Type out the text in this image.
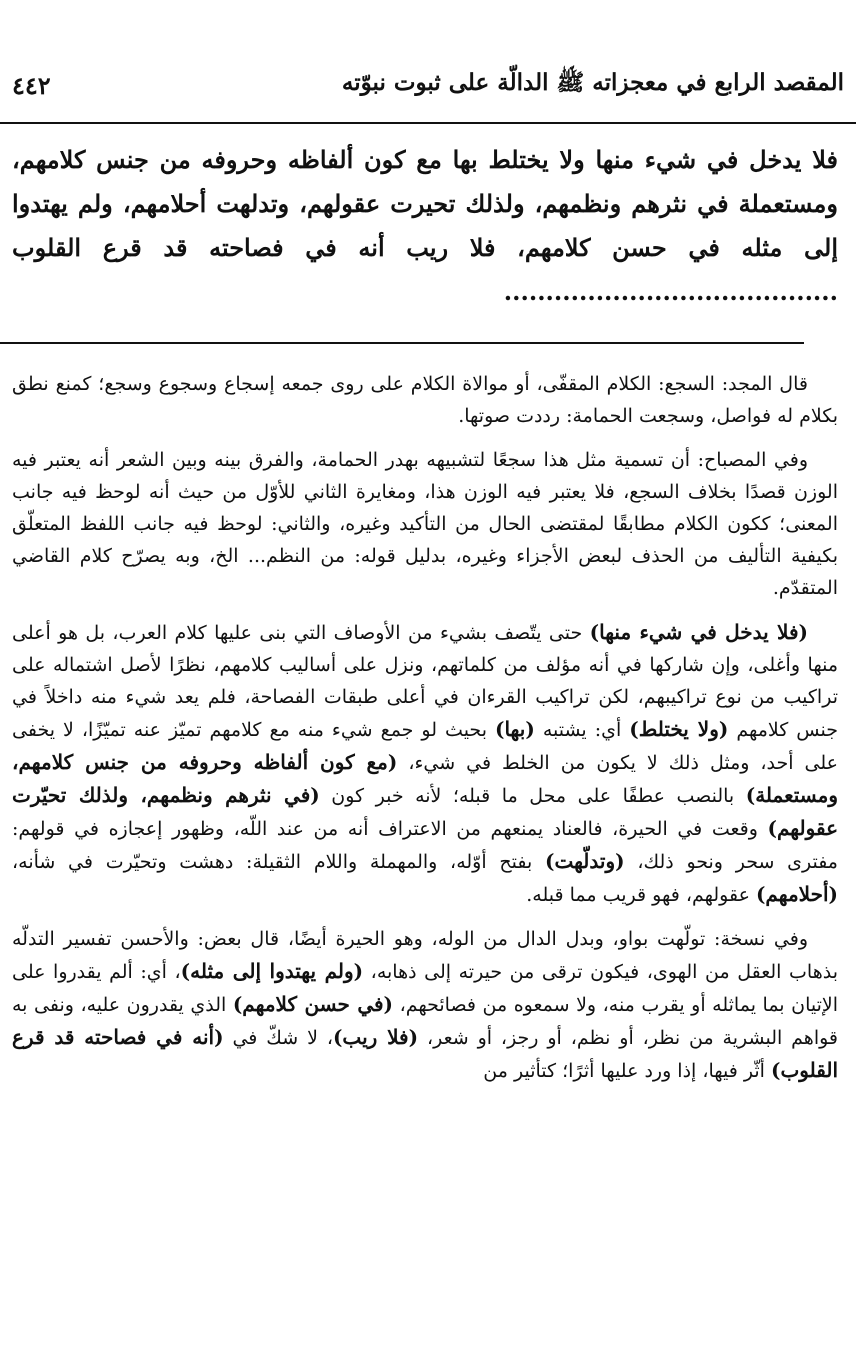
المقصد الرابع في معجزاته ﷺ الدالّة على ثبوت نبوّته
٤٤٢

فلا يدخل في شيء منها ولا يختلط بها مع كون ألفاظه وحروفه من جنس كلامهم، ومستعملة في نثرهم ونظمهم، ولذلك تحيرت عقولهم، وتدلهت أحلامهم، ولم يهتدوا إلى مثله في حسن كلامهم، فلا ريب أنه في فصاحته قد قرع القلوب ........................................

قال المجد: السجع: الكلام المقفّى، أو موالاة الكلام على روى جمعه إسجاع وسجوع وسجع؛ كمنع نطق بكلام له فواصل، وسجعت الحمامة: رددت صوتها.

وفي المصباح: أن تسمية مثل هذا سجعًا لتشبيهه بهدر الحمامة، والفرق بينه وبين الشعر أنه يعتبر فيه الوزن قصدًا بخلاف السجع، فلا يعتبر فيه الوزن هذا، ومغايرة الثاني للأوّل من حيث أنه لوحظ فيه جانب المعنى؛ ككون الكلام مطابقًا لمقتضى الحال من التأكيد وغيره، والثاني: لوحظ فيه جانب اللفظ المتعلّق بكيفية التأليف من الحذف لبعض الأجزاء وغيره، بدليل قوله: من النظم... الخ، وبه يصرّح كلام القاضي المتقدّم.

(فلا يدخل في شيء منها) حتى يتّصف بشيء من الأوصاف التي بنى عليها كلام العرب، بل هو أعلى منها وأغلى، وإن شاركها في أنه مؤلف من كلماتهم، ونزل على أساليب كلامهم، نظرًا لأصل اشتماله على تراكيب من نوع تراكيبهم، لكن تراكيب القرءان في أعلى طبقات الفصاحة، فلم يعد شيء منه داخلاً في جنس كلامهم (ولا يختلط) أي: يشتبه (بها) بحيث لو جمع شيء منه مع كلامهم تميّز عنه تميّزًا، لا يخفى على أحد، ومثل ذلك لا يكون من الخلط في شيء، (مع كون ألفاظه وحروفه من جنس كلامهم، ومستعملة) بالنصب عطفًا على محل ما قبله؛ لأنه خبر كون (في نثرهم ونظمهم، ولذلك تحيّرت عقولهم) وقعت في الحيرة، فالعناد يمنعهم من الاعتراف أنه من عند اللّه، وظهور إعجازه في قولهم: مفترى سحر ونحو ذلك، (وتدلّهت) بفتح أوّله، والمهملة واللام الثقيلة: دهشت وتحيّرت في شأنه، (أحلامهم) عقولهم، فهو قريب مما قبله.

وفي نسخة: تولّهت بواو، وبدل الدال من الوله، وهو الحيرة أيضًا، قال بعض: والأحسن تفسير التدلّه بذهاب العقل من الهوى، فيكون ترقى من حيرته إلى ذهابه، (ولم يهتدوا إلى مثله)، أي: ألم يقدروا على الإتيان بما يماثله أو يقرب منه، ولا سمعوه من فصائحهم، (في حسن كلامهم) الذي يقدرون عليه، ونفى به قواهم البشرية من نظر، أو نظم، أو رجز، أو شعر، (فلا ريب)، لا شكّ في (أنه في فصاحته قد قرع القلوب) أثّر فيها، إذا ورد عليها أثرًا؛ كتأثير من
